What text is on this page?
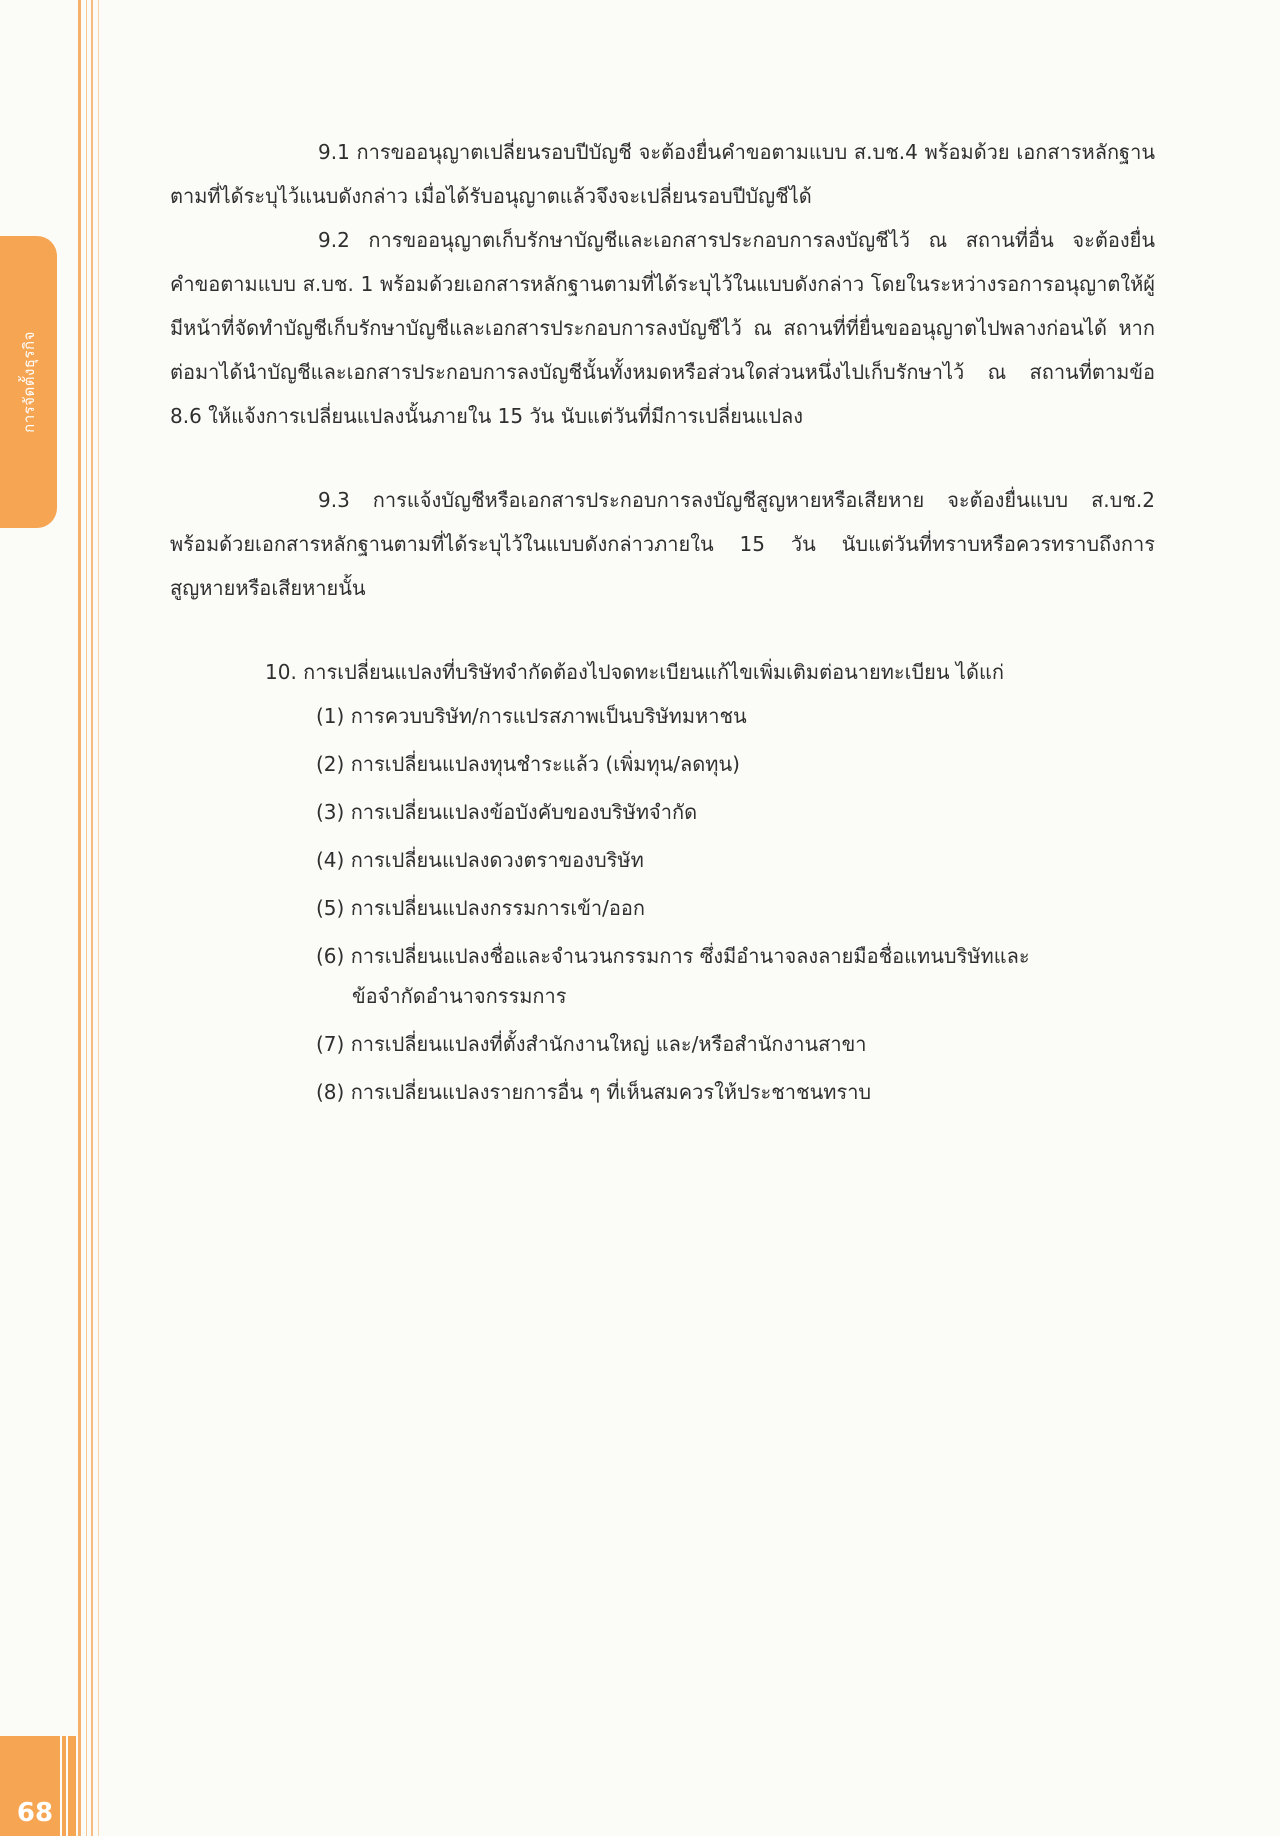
การจัดตั้งธุรกิจ

9.1 การขออนุญาตเปลี่ยนรอบปีบัญชี จะต้องยื่นคำขอตามแบบ ส.บช.4 พร้อมด้วย เอกสารหลักฐานตามที่ได้ระบุไว้แนบดังกล่าว เมื่อได้รับอนุญาตแล้วจึงจะเปลี่ยนรอบปีบัญชีได้

9.2 การขออนุญาตเก็บรักษาบัญชีและเอกสารประกอบการลงบัญชีไว้ ณ สถานที่อื่น จะต้องยื่นคำขอตามแบบ ส.บช. 1 พร้อมด้วยเอกสารหลักฐานตามที่ได้ระบุไว้ในแบบดังกล่าว โดยในระหว่างรอการอนุญาตให้ผู้มีหน้าที่จัดทำบัญชีเก็บรักษาบัญชีและเอกสารประกอบการลงบัญชีไว้ ณ สถานที่ที่ยื่นขออนุญาตไปพลางก่อนได้ หากต่อมาได้นำบัญชีและเอกสารประกอบการลงบัญชีนั้นทั้งหมดหรือส่วนใดส่วนหนึ่งไปเก็บรักษาไว้ ณ สถานที่ตามข้อ 8.6 ให้แจ้งการเปลี่ยนแปลงนั้นภายใน 15 วัน นับแต่วันที่มีการเปลี่ยนแปลง

9.3 การแจ้งบัญชีหรือเอกสารประกอบการลงบัญชีสูญหายหรือเสียหาย จะต้องยื่นแบบ ส.บช.2 พร้อมด้วยเอกสารหลักฐานตามที่ได้ระบุไว้ในแบบดังกล่าวภายใน 15 วัน นับแต่วันที่ทราบหรือควรทราบถึงการสูญหายหรือเสียหายนั้น

10. การเปลี่ยนแปลงที่บริษัทจำกัดต้องไปจดทะเบียนแก้ไขเพิ่มเติมต่อนายทะเบียน ได้แก่

(1) การควบบริษัท/การแปรสภาพเป็นบริษัทมหาชน
(2) การเปลี่ยนแปลงทุนชำระแล้ว (เพิ่มทุน/ลดทุน)
(3) การเปลี่ยนแปลงข้อบังคับของบริษัทจำกัด
(4) การเปลี่ยนแปลงดวงตราของบริษัท
(5) การเปลี่ยนแปลงกรรมการเข้า/ออก
(6) การเปลี่ยนแปลงชื่อและจำนวนกรรมการ ซึ่งมีอำนาจลงลายมือชื่อแทนบริษัทและ
ข้อจำกัดอำนาจกรรมการ
(7) การเปลี่ยนแปลงที่ตั้งสำนักงานใหญ่ และ/หรือสำนักงานสาขา
(8) การเปลี่ยนแปลงรายการอื่น ๆ ที่เห็นสมควรให้ประชาชนทราบ
68
